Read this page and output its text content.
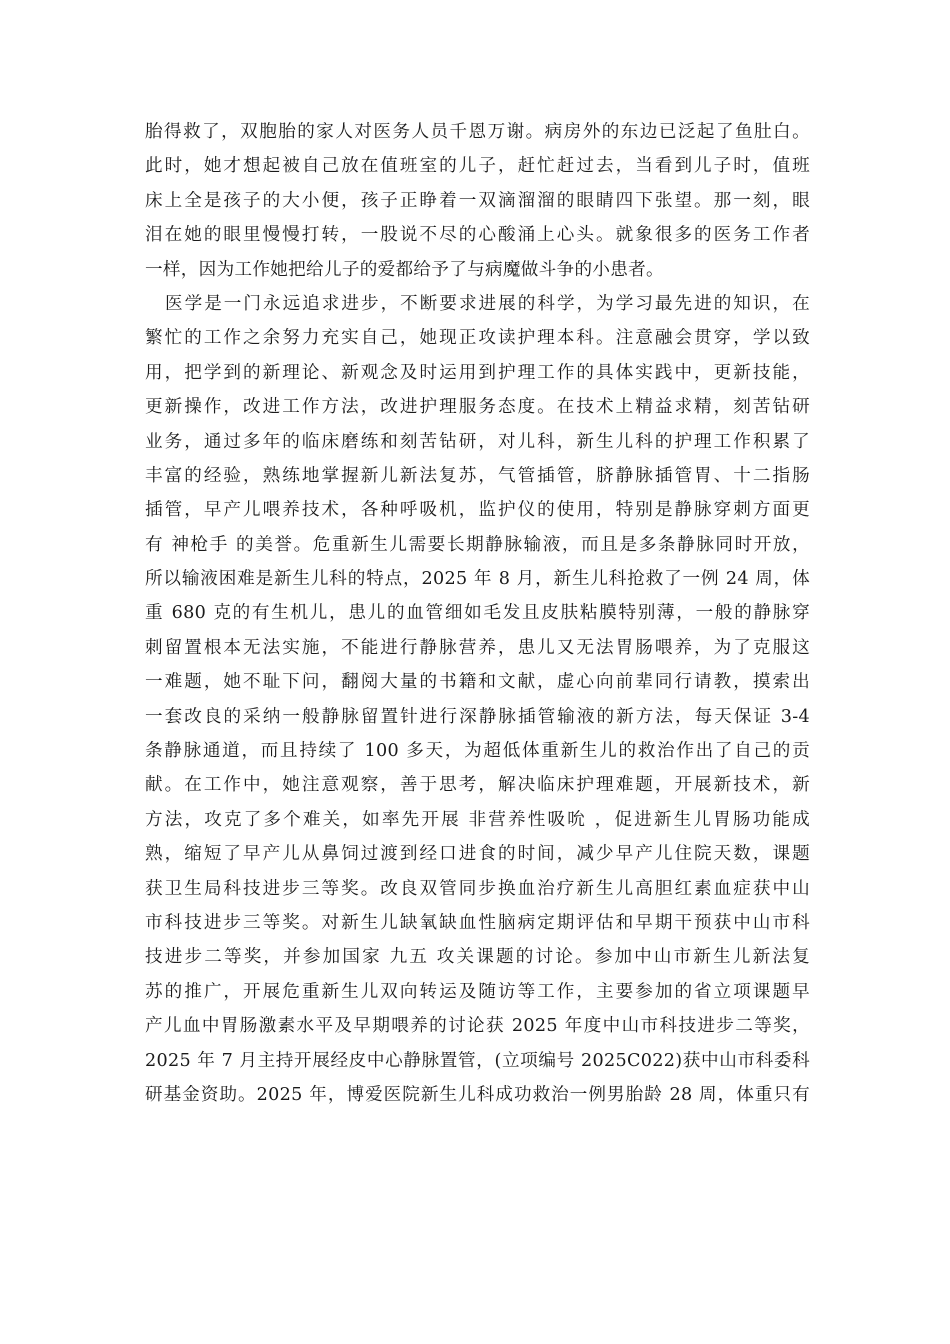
胎得救了，双胞胎的家人对医务人员千恩万谢。病房外的东边已泛起了鱼肚白。
此时，她才想起被自己放在值班室的儿子，赶忙赶过去，当看到儿子时，值班
床上全是孩子的大小便，孩子正睁着一双滴溜溜的眼睛四下张望。那一刻，眼
泪在她的眼里慢慢打转，一股说不尽的心酸涌上心头。就象很多的医务工作者
一样，因为工作她把给儿子的爱都给予了与病魔做斗争的小患者。
医学是一门永远追求进步，不断要求进展的科学，为学习最先进的知识，在
繁忙的工作之余努力充实自己，她现正攻读护理本科。注意融会贯穿，学以致
用，把学到的新理论、新观念及时运用到护理工作的具体实践中，更新技能，
更新操作，改进工作方法，改进护理服务态度。在技术上精益求精，刻苦钻研
业务，通过多年的临床磨练和刻苦钻研，对儿科，新生儿科的护理工作积累了
丰富的经验，熟练地掌握新儿新法复苏，气管插管，脐静脉插管胃、十二指肠
插管，早产儿喂养技术，各种呼吸机，监护仪的使用，特别是静脉穿刺方面更
有 神枪手 的美誉。危重新生儿需要长期静脉输液，而且是多条静脉同时开放，
所以输液困难是新生儿科的特点，2025 年 8 月，新生儿科抢救了一例 24 周，体
重 680 克的有生机儿，患儿的血管细如毛发且皮肤粘膜特别薄，一般的静脉穿
刺留置根本无法实施，不能进行静脉营养，患儿又无法胃肠喂养，为了克服这
一难题，她不耻下问，翻阅大量的书籍和文献，虚心向前辈同行请教，摸索出
一套改良的采纳一般静脉留置针进行深静脉插管输液的新方法，每天保证 3-4
条静脉通道，而且持续了 100 多天，为超低体重新生儿的救治作出了自己的贡
献。在工作中，她注意观察，善于思考，解决临床护理难题，开展新技术，新
方法，攻克了多个难关，如率先开展 非营养性吸吮 ，促进新生儿胃肠功能成
熟，缩短了早产儿从鼻饲过渡到经口进食的时间，减少早产儿住院天数，课题
获卫生局科技进步三等奖。改良双管同步换血治疗新生儿高胆红素血症获中山
市科技进步三等奖。对新生儿缺氧缺血性脑病定期评估和早期干预获中山市科
技进步二等奖，并参加国家 九五 攻关课题的讨论。参加中山市新生儿新法复
苏的推广，开展危重新生儿双向转运及随访等工作，主要参加的省立项课题早
产儿血中胃肠激素水平及早期喂养的讨论获 2025 年度中山市科技进步二等奖，
2025 年 7 月主持开展经皮中心静脉置管，(立项编号 2025C022)获中山市科委科
研基金资助。2025 年，博爱医院新生儿科成功救治一例男胎龄 28 周，体重只有
